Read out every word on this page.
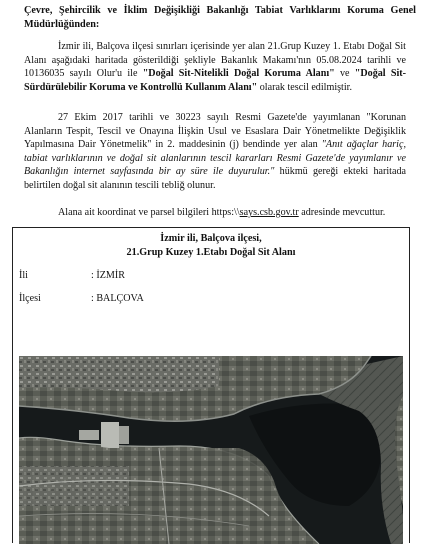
Çevre, Şehircilik ve İklim Değişikliği Bakanlığı Tabiat Varlıklarını Koruma Genel Müdürlüğünden:
İzmir ili, Balçova ilçesi sınırları içerisinde yer alan 21.Grup Kuzey 1. Etabı Doğal Sit Alanı aşağıdaki haritada gösterildiği şekliyle Bakanlık Makamı'nın 05.08.2024 tarihli ve 10136035 sayılı Olur'u ile "Doğal Sit-Nitelikli Doğal Koruma Alanı" ve "Doğal Sit-Sürdürülebilir Koruma ve Kontrollü Kullanım Alanı" olarak tescil edilmiştir.
27 Ekim 2017 tarihli ve 30223 sayılı Resmi Gazete'de yayımlanan "Korunan Alanların Tespit, Tescil ve Onayına İlişkin Usul ve Esaslara Dair Yönetmelikte Değişiklik Yapılmasına Dair Yönetmelik" in 2. maddesinin (j) bendinde yer alan "Anıt ağaçlar hariç, tabiat varlıklarının ve doğal sit alanlarının tescil kararları Resmi Gazete'de yayımlanır ve Bakanlığın internet sayfasında bir ay süre ile duyurulur." hükmü gereği ekteki haritada belirtilen doğal sit alanının tescili tebliğ olunur.
Alana ait koordinat ve parsel bilgileri https:\\says.csb.gov.tr adresinde mevcuttur.
İzmir ili, Balçova ilçesi,
21.Grup Kuzey 1.Etabı Doğal Sit Alanı
İli	: İZMİR
İlçesi	: BALÇOVA
